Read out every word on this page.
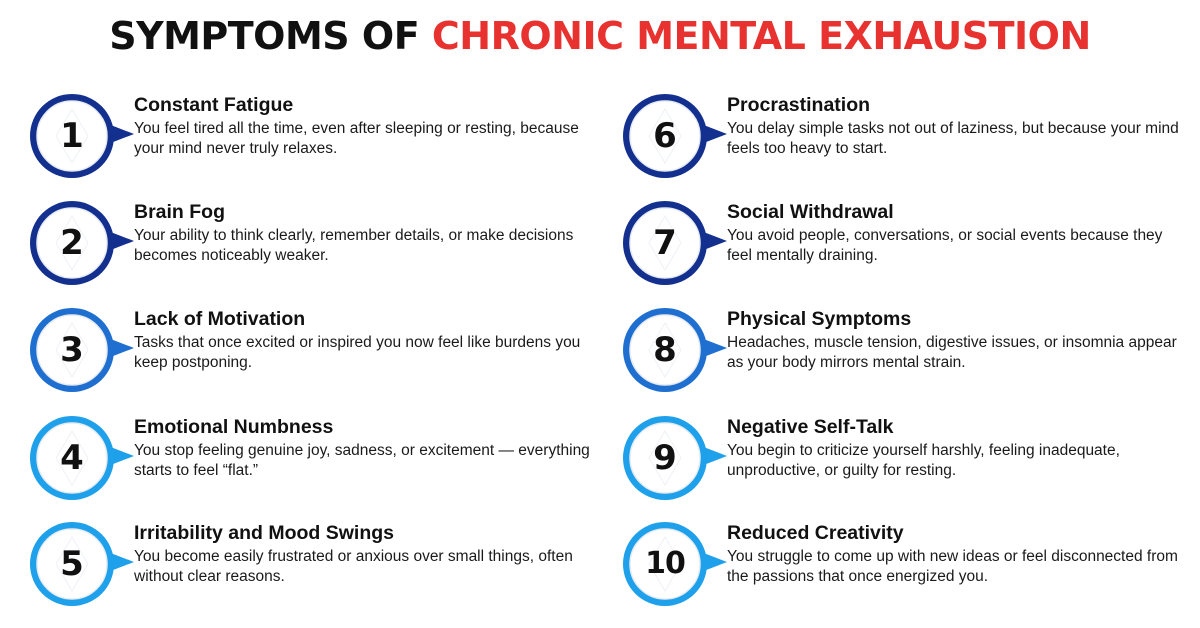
SYMPTOMS OF CHRONIC MENTAL EXHAUSTION
1
Constant Fatigue
You feel tired all the time, even after sleeping or resting, because your mind never truly relaxes.
2
Brain Fog
Your ability to think clearly, remember details, or make decisions becomes noticeably weaker.
3
Lack of Motivation
Tasks that once excited or inspired you now feel like burdens you keep postponing.
4
Emotional Numbness
You stop feeling genuine joy, sadness, or excitement — everything starts to feel “flat.”
5
Irritability and Mood Swings
You become easily frustrated or anxious over small things, often without clear reasons.
6
Procrastination
You delay simple tasks not out of laziness, but because your mind feels too heavy to start.
7
Social Withdrawal
You avoid people, conversations, or social events because they feel mentally draining.
8
Physical Symptoms
Headaches, muscle tension, digestive issues, or insomnia appear as your body mirrors mental strain.
9
Negative Self-Talk
You begin to criticize yourself harshly, feeling inadequate, unproductive, or guilty for resting.
10
Reduced Creativity
You struggle to come up with new ideas or feel disconnected from the passions that once energized you.
